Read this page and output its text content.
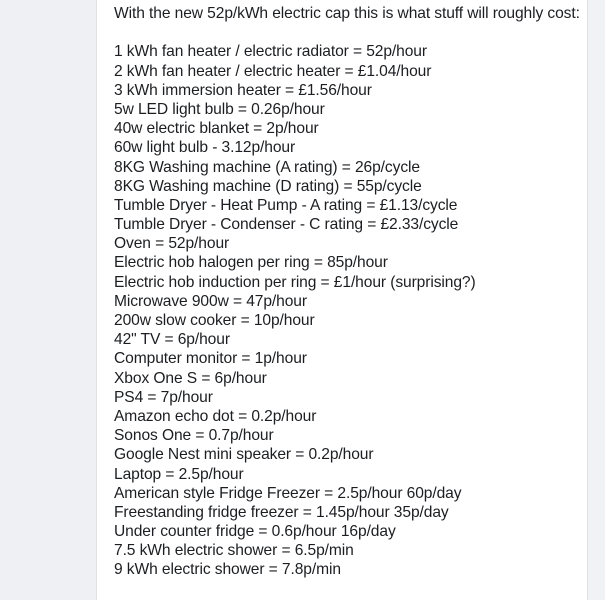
With the new 52p/kWh electric cap this is what stuff will roughly cost:

1 kWh fan heater / electric radiator = 52p/hour
2 kWh fan heater / electric heater = £1.04/hour
3 kWh immersion heater = £1.56/hour
5w LED light bulb = 0.26p/hour
40w electric blanket = 2p/hour
60w light bulb - 3.12p/hour
8KG Washing machine (A rating) = 26p/cycle
8KG Washing machine (D rating) = 55p/cycle
Tumble Dryer - Heat Pump - A rating = £1.13/cycle
Tumble Dryer - Condenser - C rating = £2.33/cycle
Oven = 52p/hour
Electric hob halogen per ring = 85p/hour
Electric hob induction per ring = £1/hour (surprising?)
Microwave 900w = 47p/hour
200w slow cooker = 10p/hour
42" TV = 6p/hour
Computer monitor = 1p/hour
Xbox One S = 6p/hour
PS4 = 7p/hour
Amazon echo dot = 0.2p/hour
Sonos One = 0.7p/hour
Google Nest mini speaker = 0.2p/hour
Laptop = 2.5p/hour
American style Fridge Freezer = 2.5p/hour 60p/day
Freestanding fridge freezer = 1.45p/hour 35p/day
Under counter fridge = 0.6p/hour 16p/day
7.5 kWh electric shower = 6.5p/min
9 kWh electric shower = 7.8p/min
